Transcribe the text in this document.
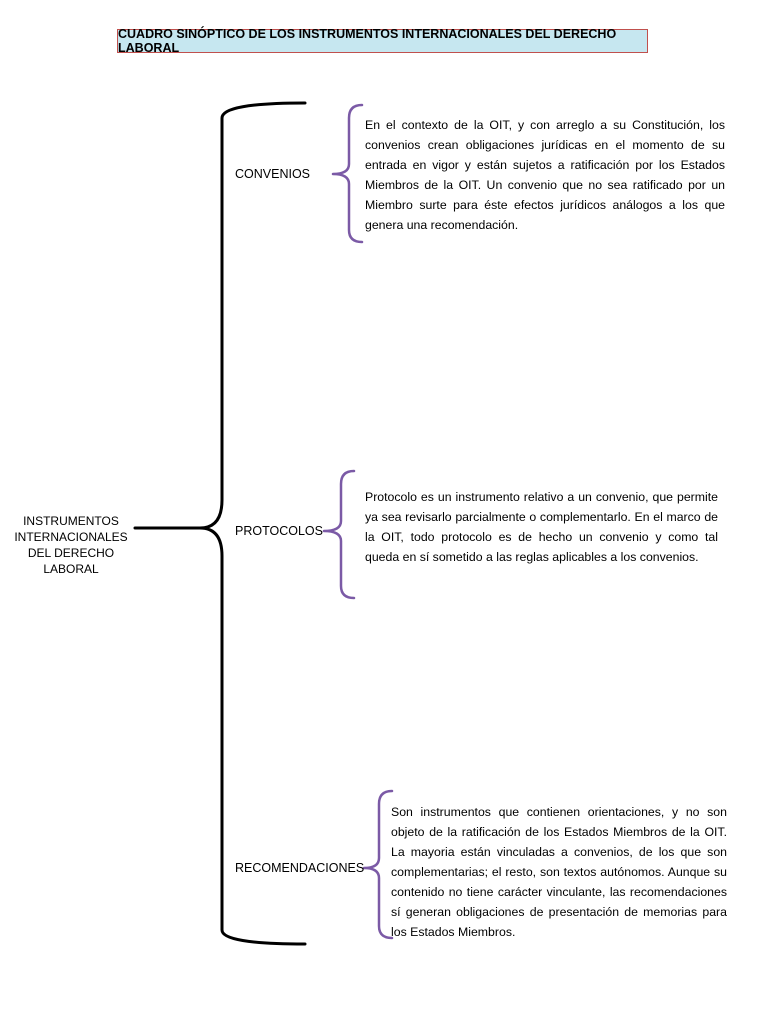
CUADRO SINÓPTICO DE LOS INSTRUMENTOS INTERNACIONALES DEL DERECHO LABORAL
INSTRUMENTOS
INTERNACIONALES
DEL DERECHO
LABORAL
CONVENIOS
PROTOCOLOS
RECOMENDACIONES

En el contexto de la OIT, y con arreglo a su Constitución, los convenios crean obligaciones jurídicas en el momento de su entrada en vigor y están sujetos a ratificación por los Estados Miembros de la OIT. Un convenio que no sea ratificado por un Miembro surte para éste efectos jurídicos análogos a los que genera una recomendación.

Protocolo es un instrumento relativo a un convenio, que permite ya sea revisarlo parcialmente o complementarlo. En el marco de la OIT, todo protocolo es de hecho un convenio y como tal queda en sí sometido a las reglas aplicables a los convenios.

Son instrumentos que contienen orientaciones, y no son objeto de la ratificación de los Estados Miembros de la OIT. La mayoria están vinculadas a convenios, de los que son complementarias; el resto, son textos autónomos. Aunque su contenido no tiene carácter vinculante, las recomendaciones sí generan obligaciones de presentación de memorias para los Estados Miembros.
